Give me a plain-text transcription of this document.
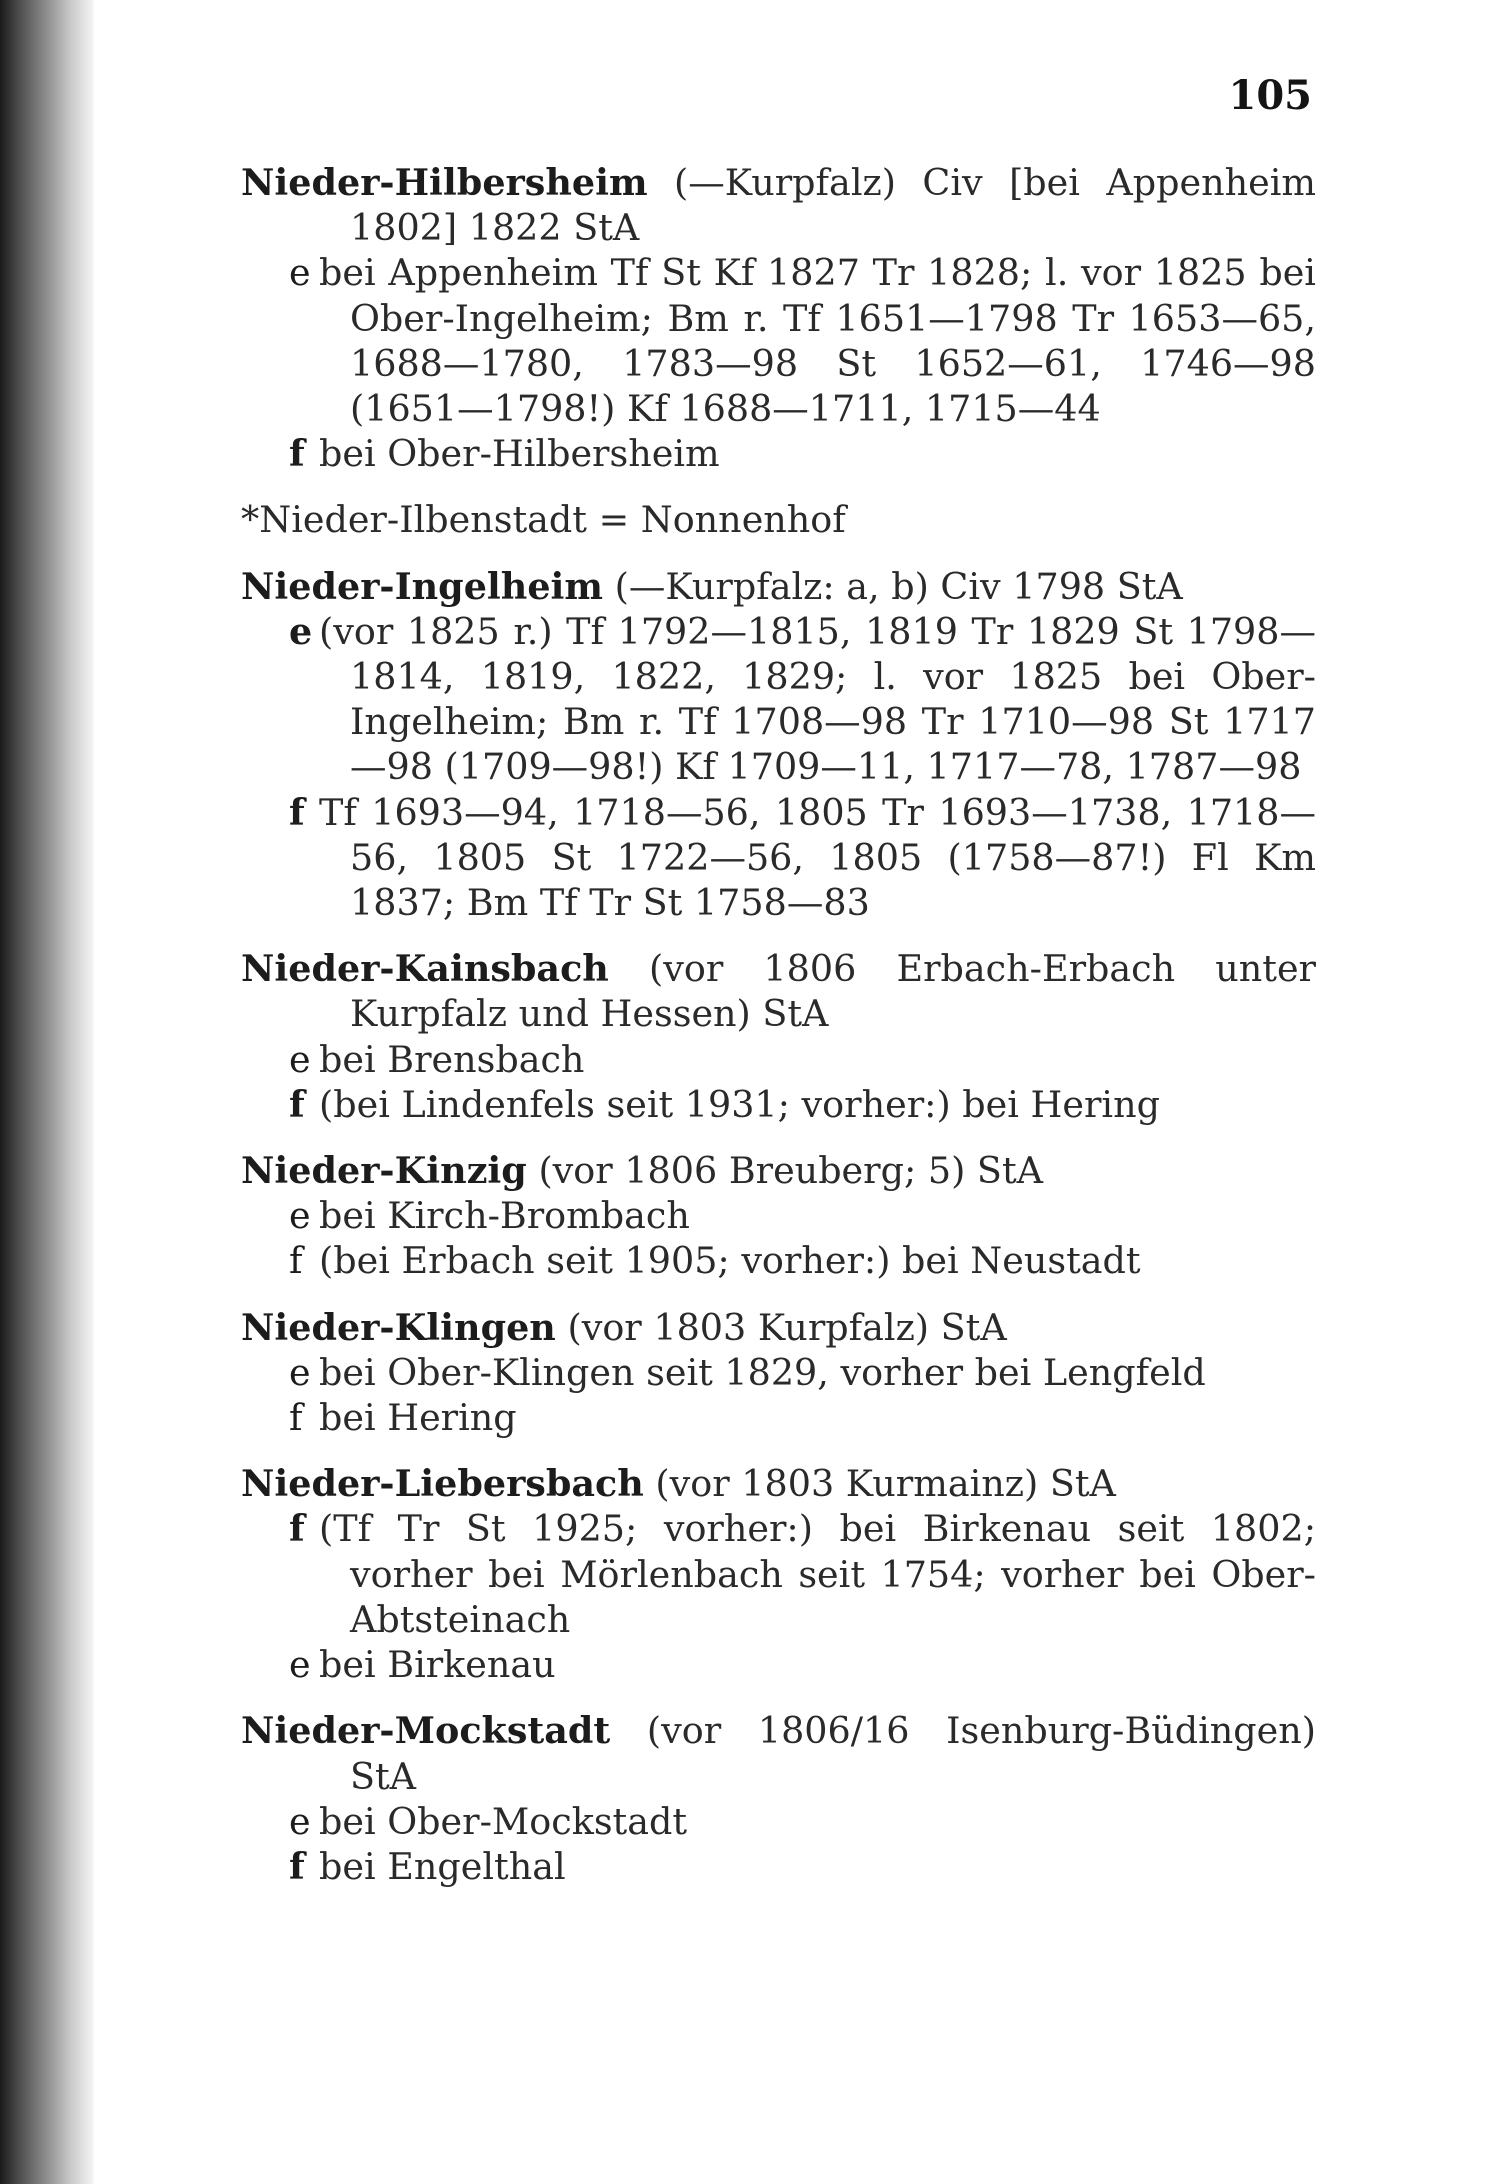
105
Nieder-Hilbersheim (—Kurpfalz) Civ [bei Appenheim 1802] 1822 StA
e bei Appenheim Tf St Kf 1827 Tr 1828; l. vor 1825 bei Ober-Ingelheim; Bm r. Tf 1651—1798 Tr 1653—65, 1688—1780, 1783—98 St 1652—61, 1746—98 (1651—1798!) Kf 1688—1711, 1715—44
f bei Ober-Hilbersheim
*Nieder-Ilbenstadt = Nonnenhof
Nieder-Ingelheim (—Kurpfalz: a, b) Civ 1798 StA
e (vor 1825 r.) Tf 1792—1815, 1819 Tr 1829 St 1798—1814, 1819, 1822, 1829; l. vor 1825 bei Ober-Ingelheim; Bm r. Tf 1708—98 Tr 1710—98 St 1717—98 (1709—98!) Kf 1709—11, 1717—78, 1787—98
f Tf 1693—94, 1718—56, 1805 Tr 1693—1738, 1718—56, 1805 St 1722—56, 1805 (1758—87!) Fl Km 1837; Bm Tf Tr St 1758—83
Nieder-Kainsbach (vor 1806 Erbach-Erbach unter Kurpfalz und Hessen) StA
e bei Brensbach
f (bei Lindenfels seit 1931; vorher:) bei Hering
Nieder-Kinzig (vor 1806 Breuberg; 5) StA
e bei Kirch-Brombach
f (bei Erbach seit 1905; vorher:) bei Neustadt
Nieder-Klingen (vor 1803 Kurpfalz) StA
e bei Ober-Klingen seit 1829, vorher bei Lengfeld
f bei Hering
Nieder-Liebersbach (vor 1803 Kurmainz) StA
f (Tf Tr St 1925; vorher:) bei Birkenau seit 1802; vorher bei Mörlenbach seit 1754; vorher bei Ober-Abtsteinach
e bei Birkenau
Nieder-Mockstadt (vor 1806/16 Isenburg-Büdingen) StA
e bei Ober-Mockstadt
f bei Engelthal
